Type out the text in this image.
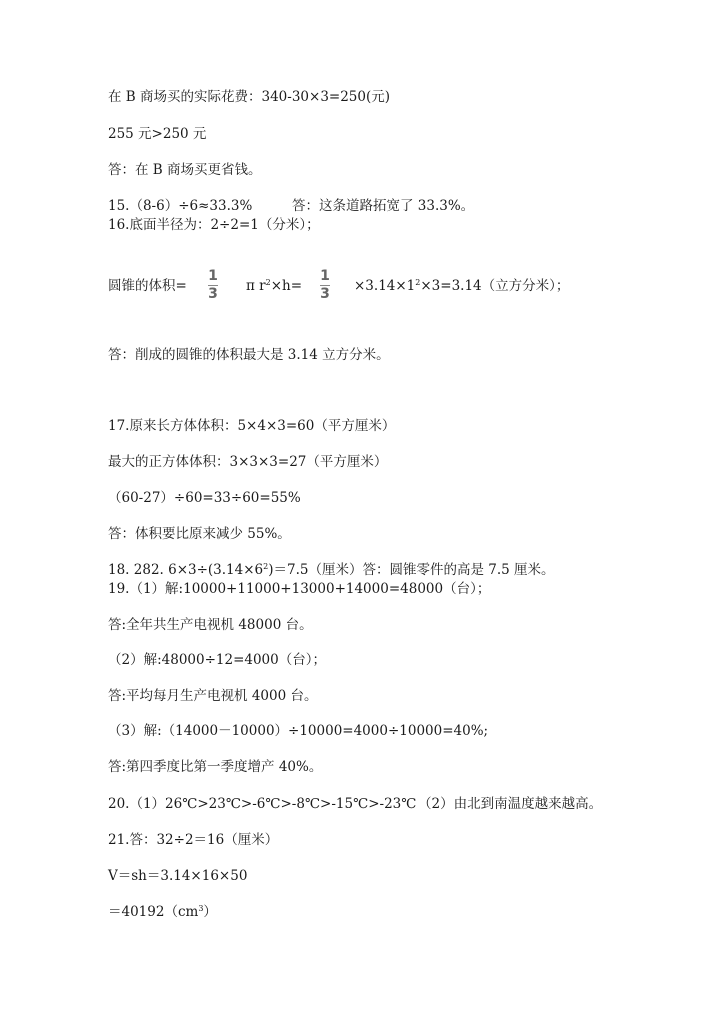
在 B 商场买的实际花费：340-30×3=250(元)
255 元>250 元
答：在 B 商场买更省钱。
15.（8-6）÷6≈33.3%	答：这条道路拓宽了 33.3%。
16.底面半径为：2÷2=1（分米）；
圆锥的体积=
1
3 π $r^2\times h=$
1
$3 \times 3.14\times 1^2\times 3=3.14$（立方分米）；
答：削成的圆锥的体积最大是 3.14 立方分米。
17.原来长方体体积：5×4×3=60（平方厘米）
最大的正方体体积：3×3×3=27（平方厘米）
（60-27）÷60=33÷60=55%
答：体积要比原来减少 55%。
18. 282. $6\times 3\div(3.14\times 6^2)=7.5$（厘米）答：圆锥零件的高是 7.5 厘米。
19.（1）解:10000+11000+13000+14000=48000（台）；
答:全年共生产电视机 48000 台。
（2）解:48000÷12=4000（台）；
答:平均每月生产电视机 4000 台。
（3）解:（14000－10000）÷10000=4000÷10000=40%;
答:第四季度比第一季度增产 40%。
20.（1）26℃>23℃>-6℃>-8℃>-15℃>-23℃ （2）由北到南温度越来越高。
21.答：32÷2＝16（厘米）
V＝sh＝3.14×16×50
$=40192(cm^3)$
